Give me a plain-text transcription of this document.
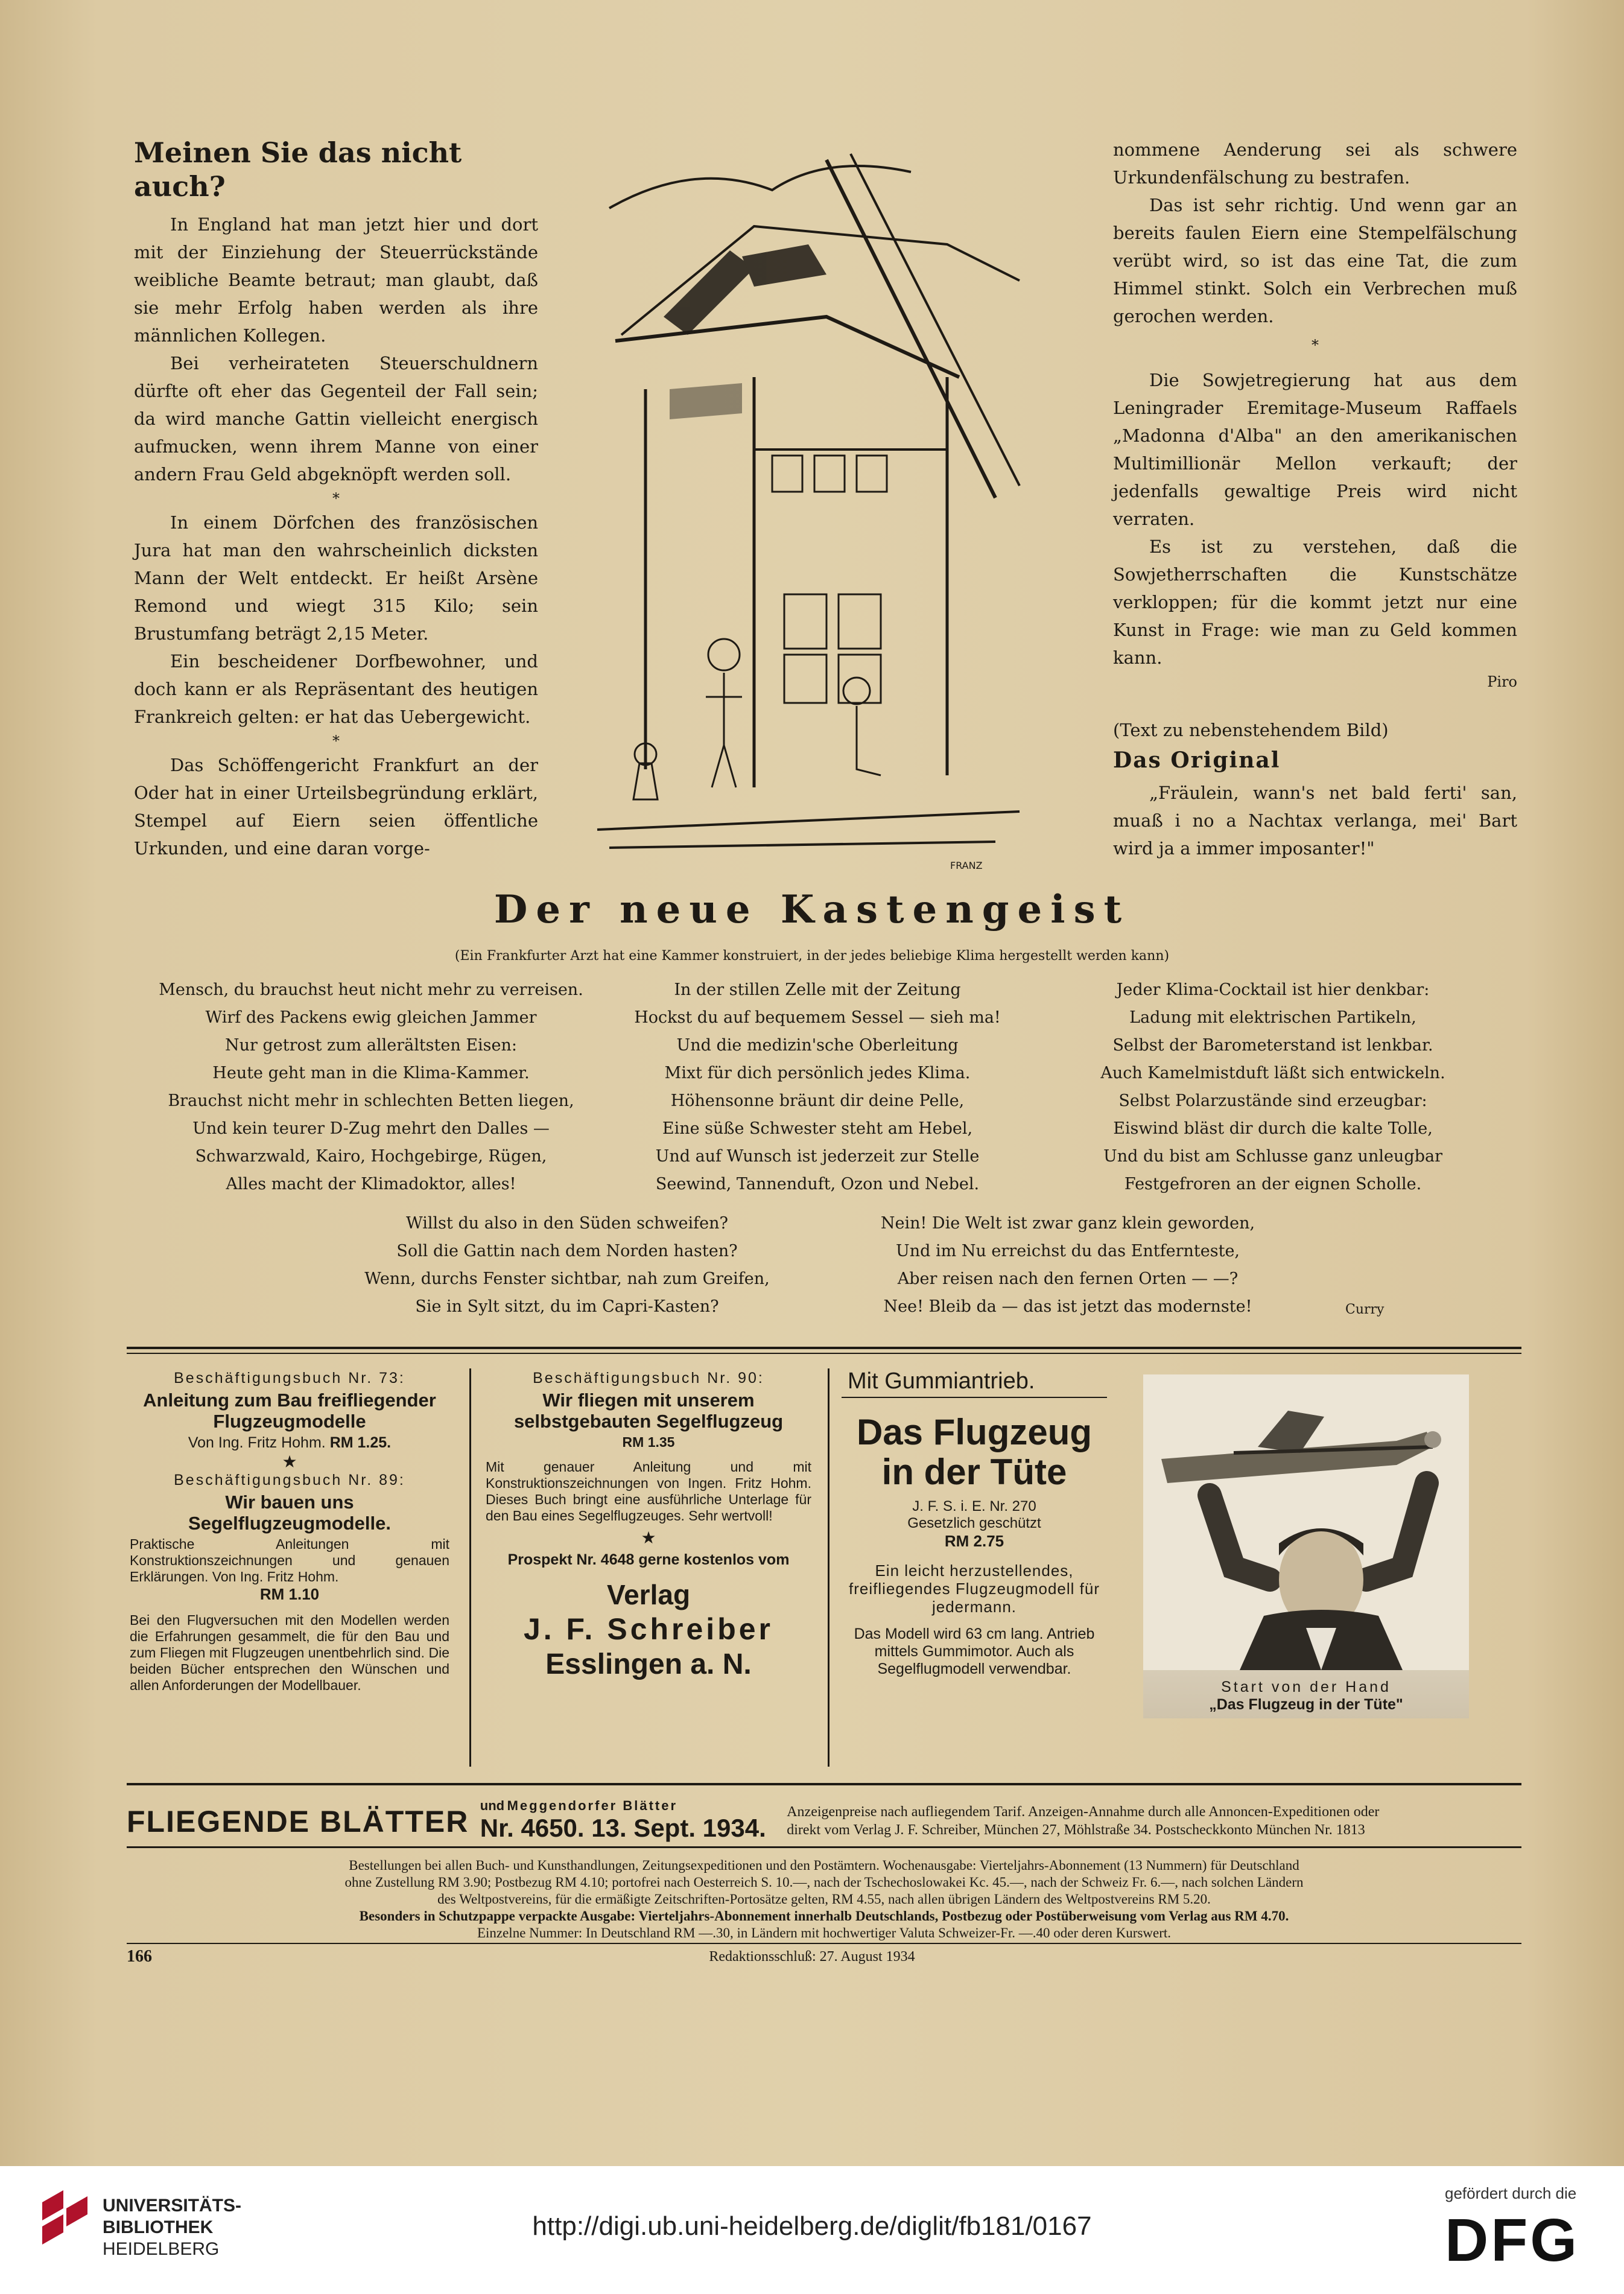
Meinen Sie das nicht auch?

In England hat man jetzt hier und dort mit der Einziehung der Steuerrückstände weibliche Beamte betraut; man glaubt, daß sie mehr Erfolg haben werden als ihre männlichen Kollegen.

Bei verheirateten Steuerschuldnern dürfte oft eher das Gegenteil der Fall sein; da wird manche Gattin vielleicht energisch aufmucken, wenn ihrem Manne von einer andern Frau Geld abgeknöpft werden soll.

*

In einem Dörfchen des französischen Jura hat man den wahrscheinlich dicksten Mann der Welt entdeckt. Er heißt Arsène Remond und wiegt 315 Kilo; sein Brustumfang beträgt 2,15 Meter.

Ein bescheidener Dorfbewohner, und doch kann er als Repräsentant des heutigen Frankreich gelten: er hat das Uebergewicht.

*

Das Schöffengericht Frankfurt an der Oder hat in einer Urteilsbegründung erklärt, Stempel auf Eiern seien öffentliche Urkunden, und eine daran vorge-

FRANZ

nommene Aenderung sei als schwere Urkundenfälschung zu bestrafen.

Das ist sehr richtig. Und wenn gar an bereits faulen Eiern eine Stempelfälschung verübt wird, so ist das eine Tat, die zum Himmel stinkt. Solch ein Verbrechen muß gerochen werden.

*

Die Sowjetregierung hat aus dem Leningrader Eremitage-Museum Raffaels „Madonna d'Alba" an den amerikanischen Multimillionär Mellon verkauft; der jedenfalls gewaltige Preis wird nicht verraten.

Es ist zu verstehen, daß die Sowjetherrschaften die Kunstschätze verkloppen; für die kommt jetzt nur eine Kunst in Frage: wie man zu Geld kommen kann.

Piro

(Text zu nebenstehendem Bild)

Das Original

„Fräulein, wann's net bald ferti' san, muaß i no a Nachtax verlanga, mei' Bart wird ja a immer imposanter!"

Der neue Kastengeist
(Ein Frankfurter Arzt hat eine Kammer konstruiert, in der jedes beliebige Klima hergestellt werden kann)
Mensch, du brauchst heut nicht mehr zu verreisen.
Wirf des Packens ewig gleichen Jammer
Nur getrost zum allerältsten Eisen:
Heute geht man in die Klima-Kammer.
Brauchst nicht mehr in schlechten Betten liegen,
Und kein teurer D-Zug mehrt den Dalles —
Schwarzwald, Kairo, Hochgebirge, Rügen,
Alles macht der Klimadoktor, alles!
In der stillen Zelle mit der Zeitung
Hockst du auf bequemem Sessel — sieh ma!
Und die medizin'sche Oberleitung
Mixt für dich persönlich jedes Klima.
Höhensonne bräunt dir deine Pelle,
Eine süße Schwester steht am Hebel,
Und auf Wunsch ist jederzeit zur Stelle
Seewind, Tannenduft, Ozon und Nebel.
Jeder Klima-Cocktail ist hier denkbar:
Ladung mit elektrischen Partikeln,
Selbst der Barometerstand ist lenkbar.
Auch Kamelmistduft läßt sich entwickeln.
Selbst Polarzustände sind erzeugbar:
Eiswind bläst dir durch die kalte Tolle,
Und du bist am Schlusse ganz unleugbar
Festgefroren an der eignen Scholle.
Willst du also in den Süden schweifen?
Soll die Gattin nach dem Norden hasten?
Wenn, durchs Fenster sichtbar, nah zum Greifen,
Sie in Sylt sitzt, du im Capri-Kasten?
Nein! Die Welt ist zwar ganz klein geworden,
Und im Nu erreichst du das Entfernteste,
Aber reisen nach den fernen Orten — —?
Nee! Bleib da — das ist jetzt das modernste!	Curry
Beschäftigungsbuch Nr. 73:
Anleitung zum Bau freifliegender Flugzeugmodelle
Von Ing. Fritz Hohm. RM 1.25.
★
Beschäftigungsbuch Nr. 89:
Wir bauen uns Segelflugzeugmodelle.
Praktische Anleitungen mit Konstruktionszeichnungen und genauen Erklärungen. Von Ing. Fritz Hohm.
RM 1.10
Bei den Flugversuchen mit den Modellen werden die Erfahrungen gesammelt, die für den Bau und zum Fliegen mit Flugzeugen unentbehrlich sind. Die beiden Bücher entsprechen den Wünschen und allen Anforderungen der Modellbauer.
Beschäftigungsbuch Nr. 90:
Wir fliegen mit unserem selbstgebauten Segelflugzeug
RM 1.35
Mit genauer Anleitung und mit Konstruktionszeichnungen von Ingen. Fritz Hohm. Dieses Buch bringt eine ausführliche Unterlage für den Bau eines Segelflugzeuges. Sehr wertvoll!
★
Prospekt Nr. 4648 gerne kostenlos vom
Verlag
J. F. Schreiber
Esslingen a. N.
Mit Gummiantrieb.
Das Flugzeug in der Tüte
J. F. S. i. E. Nr. 270
Gesetzlich geschützt
RM 2.75
Ein leicht herzustellendes, freifliegendes Flugzeugmodell für jedermann.
Das Modell wird 63 cm lang. Antrieb mittels Gummimotor. Auch als Segelflugmodell verwendbar.
Start von der Hand
„Das Flugzeug in der Tüte"
FLIEGENDE BLÄTTER und Meggendorfer Blätter
Nr. 4650. 13. Sept. 1934. Anzeigenpreise nach aufliegendem Tarif. Anzeigen-Annahme durch alle Annoncen-Expeditionen oder
direkt vom Verlag J. F. Schreiber, München 27, Möhlstraße 34. Postscheckkonto München Nr. 1813
Bestellungen bei allen Buch- und Kunsthandlungen, Zeitungsexpeditionen und den Postämtern. Wochenausgabe: Vierteljahrs-Abonnement (13 Nummern) für Deutschland
ohne Zustellung RM 3.90; Postbezug RM 4.10; portofrei nach Oesterreich S. 10.—, nach der Tschechoslowakei Kc. 45.—, nach der Schweiz Fr. 6.—, nach solchen Ländern
des Weltpostvereins, für die ermäßigte Zeitschriften-Portosätze gelten, RM 4.55, nach allen übrigen Ländern des Weltpostvereins RM 5.20.
Besonders in Schutzpappe verpackte Ausgabe: Vierteljahrs-Abonnement innerhalb Deutschlands, Postbezug oder Postüberweisung vom Verlag aus RM 4.70.
Einzelne Nummer: In Deutschland RM —.30, in Ländern mit hochwertiger Valuta Schweizer-Fr. —.40 oder deren Kurswert.
166	Redaktionsschluß: 27. August 1934
UNIVERSITÄTS-
BIBLIOTHEK
HEIDELBERG
http://digi.ub.uni-heidelberg.de/diglit/fb181/0167
gefördert durch die
DFG
